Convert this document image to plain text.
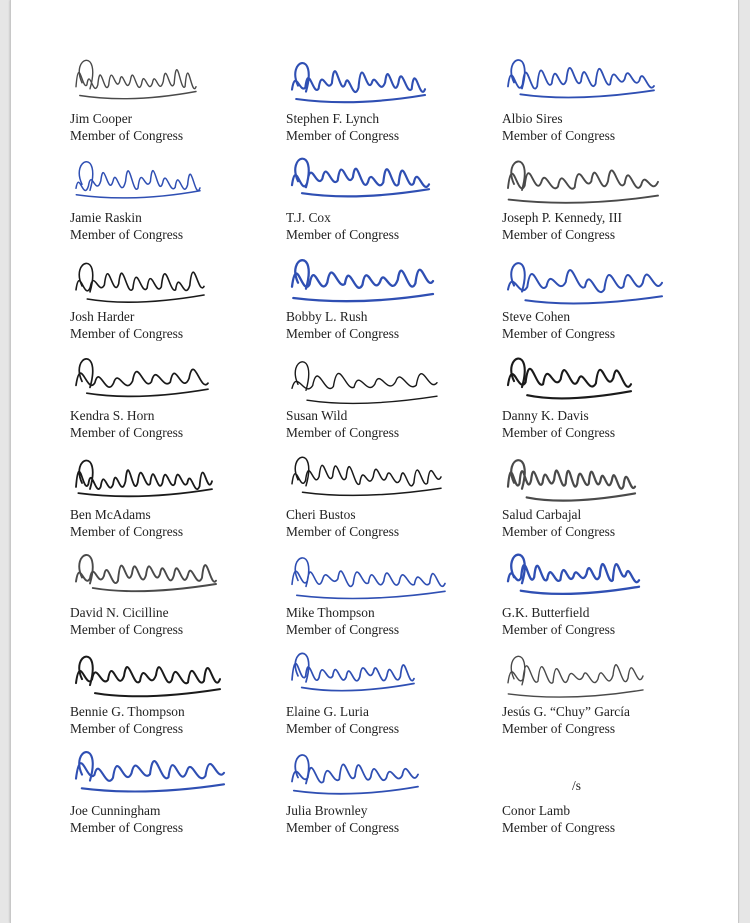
Jim Cooper
Member of Congress
Stephen F. Lynch
Member of Congress
Albio Sires
Member of Congress
Jamie Raskin
Member of Congress
T.J. Cox
Member of Congress
Joseph P. Kennedy, III
Member of Congress
Josh Harder
Member of Congress
Bobby L. Rush
Member of Congress
Steve Cohen
Member of Congress
Kendra S. Horn
Member of Congress
Susan Wild
Member of Congress
Danny K. Davis
Member of Congress
Ben McAdams
Member of Congress
Cheri Bustos
Member of Congress
Salud Carbajal
Member of Congress
David N. Cicilline
Member of Congress
Mike Thompson
Member of Congress
G.K. Butterfield
Member of Congress
Bennie G. Thompson
Member of Congress
Elaine G. Luria
Member of Congress
Jesús G. “Chuy” García
Member of Congress
Joe Cunningham
Member of Congress
Julia Brownley
Member of Congress
/s
Conor Lamb
Member of Congress
